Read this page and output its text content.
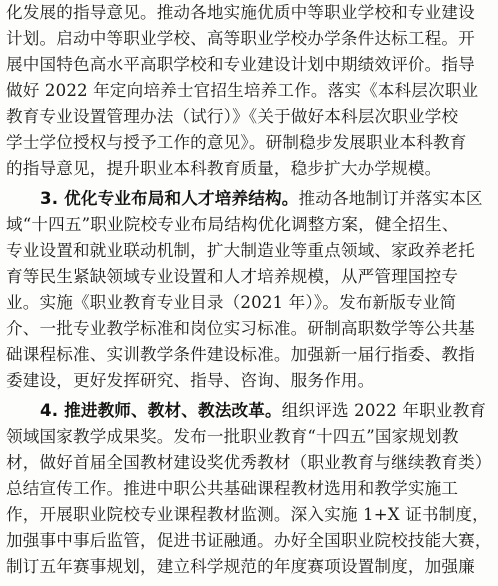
化发展的指导意见。推动各地实施优质中等职业学校和专业建设
计划。启动中等职业学校、高等职业学校办学条件达标工程。开
展中国特色高水平高职学校和专业建设计划中期绩效评价。指导
做好 2022 年定向培养士官招生培养工作。落实《本科层次职业
教育专业设置管理办法（试行）》《关于做好本科层次职业学校
学士学位授权与授予工作的意见》。研制稳步发展职业本科教育
的指导意见，提升职业本科教育质量，稳步扩大办学规模。
3. 优化专业布局和人才培养结构。推动各地制订并落实本区
域“十四五”职业院校专业布局结构优化调整方案，健全招生、
专业设置和就业联动机制，扩大制造业等重点领域、家政养老托
育等民生紧缺领域专业设置和人才培养规模，从严管理国控专
业。实施《职业教育专业目录（2021 年）》。发布新版专业简
介、一批专业教学标准和岗位实习标准。研制高职数学等公共基
础课程标准、实训教学条件建设标准。加强新一届行指委、教指
委建设，更好发挥研究、指导、咨询、服务作用。
4. 推进教师、教材、教法改革。组织评选 2022 年职业教育
领域国家教学成果奖。发布一批职业教育“十四五”国家规划教
材，做好首届全国教材建设奖优秀教材（职业教育与继续教育类）
总结宣传工作。推进中职公共基础课程教材选用和教学实施工
作，开展职业院校专业课程教材监测。深入实施 1+X 证书制度，
加强事中事后监管，促进书证融通。办好全国职业院校技能大赛，
制订五年赛事规划，建立科学规范的年度赛项设置制度，加强廉
